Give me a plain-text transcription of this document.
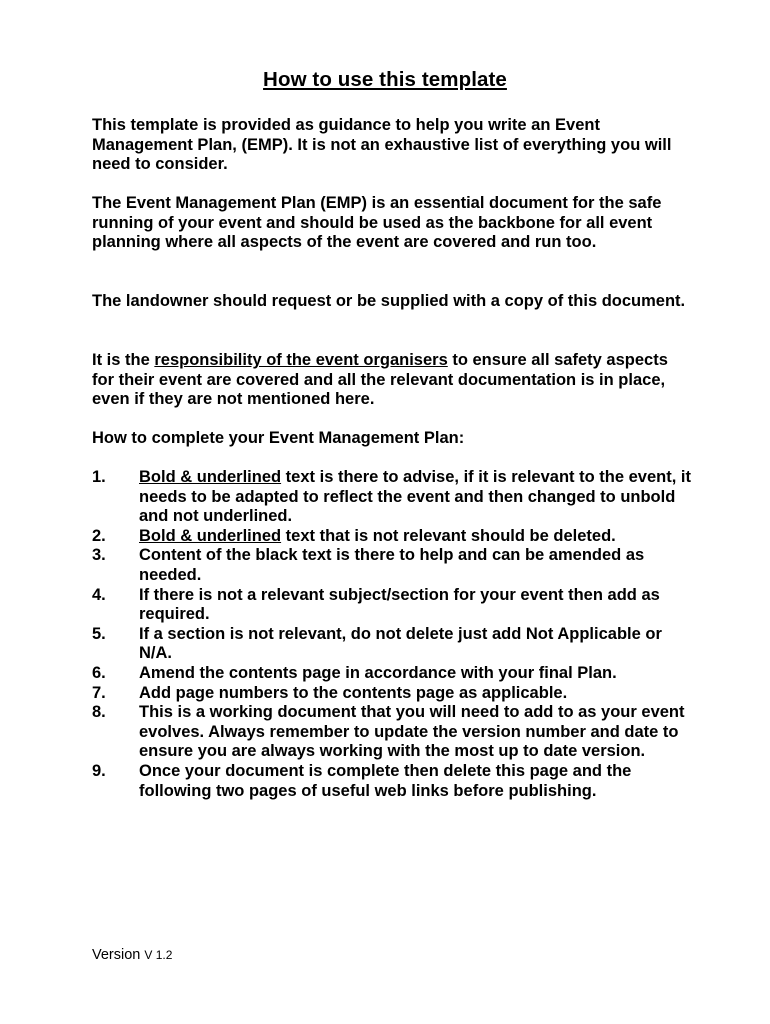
How to use this template
This template is provided as guidance to help you write an Event Management Plan, (EMP). It is not an exhaustive list of everything you will need to consider.
The Event Management Plan (EMP) is an essential document for the safe running of your event and should be used as the backbone for all event planning where all aspects of the event are covered and run too.
The landowner should request or be supplied with a copy of this document.
It is the responsibility of the event organisers to ensure all safety aspects for their event are covered and all the relevant documentation is in place, even if they are not mentioned here.
How to complete your Event Management Plan:
1. Bold & underlined text is there to advise, if it is relevant to the event, it needs to be adapted to reflect the event and then changed to unbold and not underlined.
2. Bold & underlined text that is not relevant should be deleted.
3. Content of the black text is there to help and can be amended as needed.
4. If there is not a relevant subject/section for your event then add as required.
5. If a section is not relevant, do not delete just add Not Applicable or N/A.
6. Amend the contents page in accordance with your final Plan.
7. Add page numbers to the contents page as applicable.
8. This is a working document that you will need to add to as your event evolves. Always remember to update the version number and date to ensure you are always working with the most up to date version.
9. Once your document is complete then delete this page and the following two pages of useful web links before publishing.
Version V 1.2
